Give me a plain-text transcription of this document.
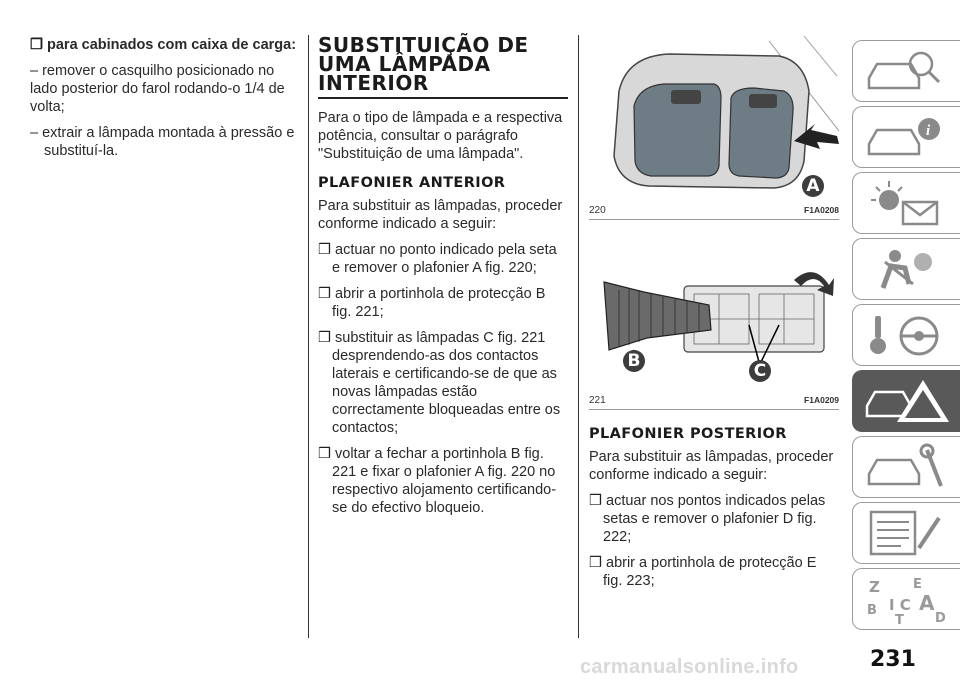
❒ para cabinados com caixa de carga:

– remover o casquilho posicionado no lado posterior do farol rodando-o 1/4 de volta;

– extrair a lâmpada montada à pressão e substituí-la.

SUBSTITUIÇÃO DE UMA LÂMPADA INTERIOR

Para o tipo de lâmpada e a respectiva potência, consultar o parágrafo "Substituição de uma lâmpada".

PLAFONIER ANTERIOR

Para substituir as lâmpadas, proceder conforme indicado a seguir:

❒ actuar no ponto indicado pela seta e remover o plafonier A fig. 220;

❒ abrir a portinhola de protecção B fig. 221;

❒ substituir as lâmpadas C fig. 221 desprendendo-as dos contactos laterais e certificando-se de que as novas lâmpadas estão correctamente bloqueadas entre os contactos;

❒ voltar a fechar a portinhola B fig. 221 e fixar o plafonier A fig. 220 no respectivo alojamento certificando-se do efectivo bloqueio.

A
220	F1A0208
B	C
221	F1A0209
PLAFONIER POSTERIOR

Para substituir as lâmpadas, proceder conforme indicado a seguir:

❒ actuar nos pontos indicados pelas setas e remover o plafonier D fig. 222;

❒ abrir a portinhola de protecção E fig. 223;

i
Z	E
B I C A
T D
231
carmanualsonline.info
